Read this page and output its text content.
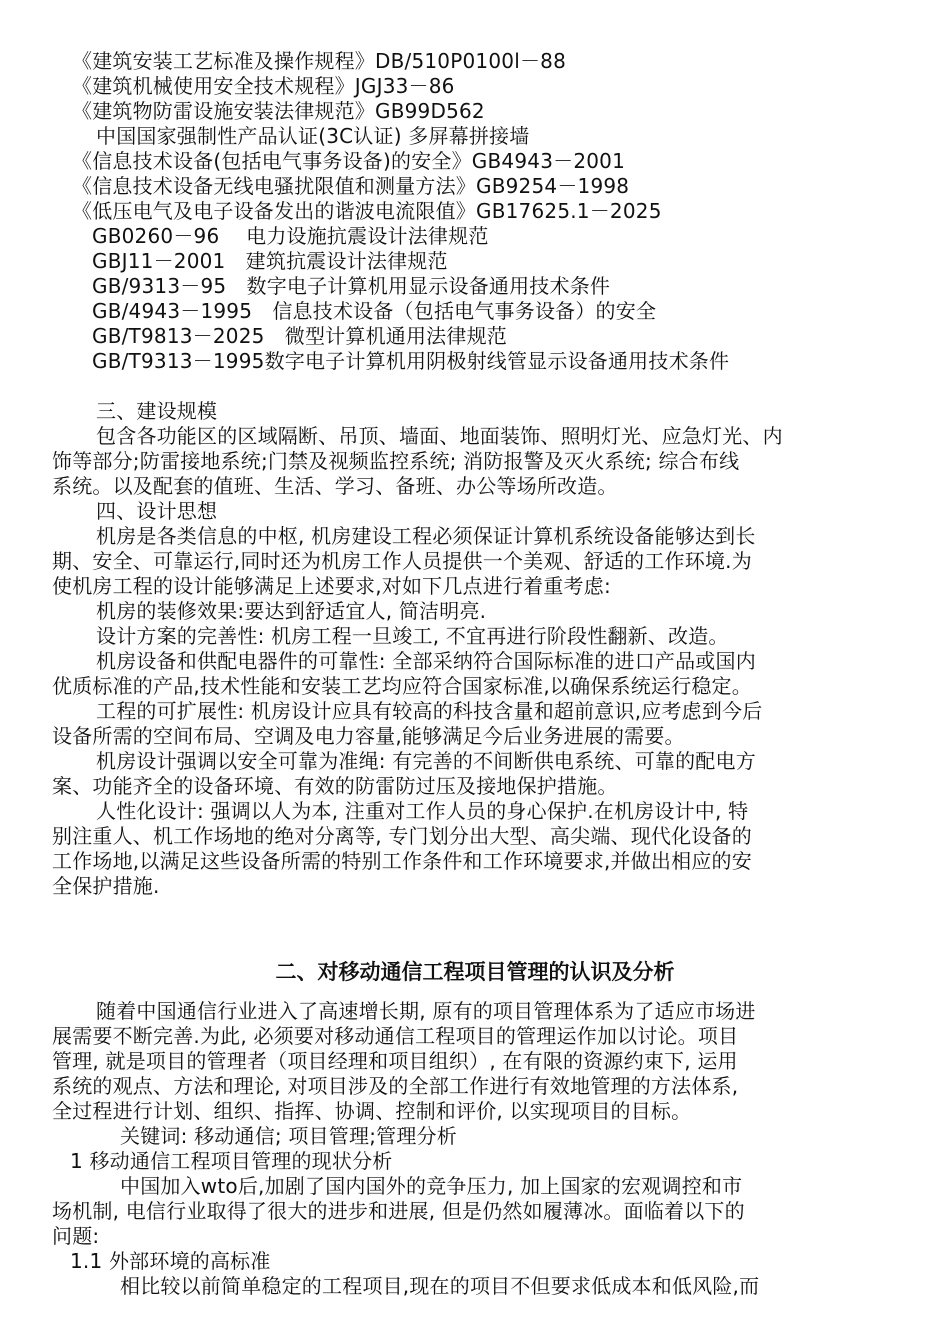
《建筑安装工艺标准及操作规程》DB/510P0100l－88
《建筑机械使用安全技术规程》JGJ33－86
《建筑物防雷设施安装法律规范》GB99D562
中国国家强制性产品认证(3C认证) 多屏幕拼接墙
《信息技术设备(包括电气事务设备)的安全》GB4943－2001
《信息技术设备无线电骚扰限值和测量方法》GB9254－1998
《低压电气及电子设备发出的谐波电流限值》GB17625.1－2025
GB0260－96　 电力设施抗震设计法律规范
GBJ11－2001　建筑抗震设计法律规范
GB/9313－95　数字电子计算机用显示设备通用技术条件
GB/4943－1995　信息技术设备（包括电气事务设备）的安全
GB/T9813－2025　微型计算机通用法律规范
GB/T9313－1995数字电子计算机用阴极射线管显示设备通用技术条件
三、建设规模
包含各功能区的区域隔断、吊顶、墙面、地面装饰、照明灯光、应急灯光、内
饰等部分;防雷接地系统;门禁及视频监控系统; 消防报警及灭火系统; 综合布线
系统。以及配套的值班、生活、学习、备班、办公等场所改造。
四、设计思想
机房是各类信息的中枢, 机房建设工程必须保证计算机系统设备能够达到长
期、安全、可靠运行,同时还为机房工作人员提供一个美观、舒适的工作环境.为
使机房工程的设计能够满足上述要求,对如下几点进行着重考虑:
机房的装修效果:要达到舒适宜人, 简洁明亮.
设计方案的完善性: 机房工程一旦竣工, 不宜再进行阶段性翻新、改造。
机房设备和供配电器件的可靠性: 全部采纳符合国际标准的进口产品或国内
优质标准的产品,技术性能和安装工艺均应符合国家标准,以确保系统运行稳定。
工程的可扩展性: 机房设计应具有较高的科技含量和超前意识,应考虑到今后
设备所需的空间布局、空调及电力容量,能够满足今后业务进展的需要。
机房设计强调以安全可靠为准绳: 有完善的不间断供电系统、可靠的配电方
案、功能齐全的设备环境、有效的防雷防过压及接地保护措施。
人性化设计: 强调以人为本, 注重对工作人员的身心保护.在机房设计中, 特
别注重人、机工作场地的绝对分离等, 专门划分出大型、高尖端、现代化设备的
工作场地,以满足这些设备所需的特别工作条件和工作环境要求,并做出相应的安
全保护措施.
二、对移动通信工程项目管理的认识及分析
随着中国通信行业进入了高速增长期, 原有的项目管理体系为了适应市场进
展需要不断完善.为此, 必须要对移动通信工程项目的管理运作加以讨论。项目
管理, 就是项目的管理者（项目经理和项目组织）, 在有限的资源约束下, 运用
系统的观点、方法和理论, 对项目涉及的全部工作进行有效地管理的方法体系,
全过程进行计划、组织、指挥、协调、控制和评价, 以实现项目的目标。
关键词: 移动通信; 项目管理;管理分析
1 移动通信工程项目管理的现状分析
中国加入wto后,加剧了国内国外的竞争压力, 加上国家的宏观调控和市
场机制, 电信行业取得了很大的进步和进展, 但是仍然如履薄冰。面临着以下的
问题:
1.1 外部环境的高标准
相比较以前简单稳定的工程项目,现在的项目不但要求低成本和低风险,而
